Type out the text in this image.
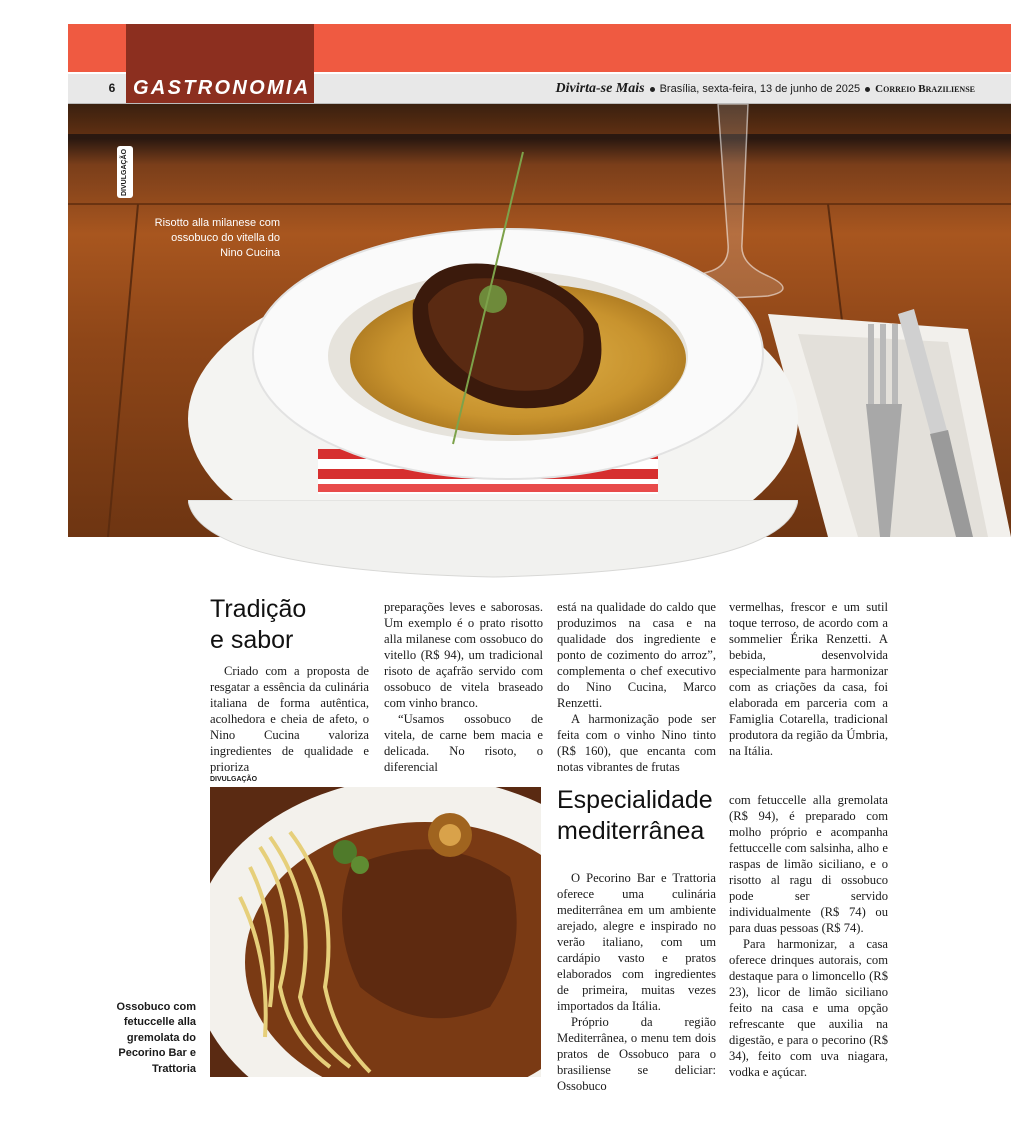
GASTRONOMIA
6	Divirta-se Mais Brasília, sexta-feira, 13 de junho de 2025 Correio Braziliense
DIVULGAÇÃO
Risotto alla milanese com ossobuco do vitella do Nino Cucina
Tradição
e sabor

Criado com a proposta de resgatar a essência da culinária italiana de forma autêntica, acolhedora e cheia de afeto, o Nino Cucina valoriza ingredientes de qualidade e prioriza

preparações leves e saborosas. Um exemplo é o prato risotto alla milanese com ossobuco do vitello (R$ 94), um tradicional risoto de açafrão servido com ossobuco de vitela braseado com vinho branco.

“Usamos ossobuco de vitela, de carne bem macia e delicada. No risoto, o diferencial

está na qualidade do caldo que produzimos na casa e na qualidade dos ingrediente e ponto de cozimento do arroz”, complementa o chef executivo do Nino Cucina, Marco Renzetti.

A harmonização pode ser feita com o vinho Nino tinto (R$ 160), que encanta com notas vibrantes de frutas

vermelhas, frescor e um sutil toque terroso, de acordo com a sommelier Érika Renzetti. A bebida, desenvolvida especialmente para harmonizar com as criações da casa, foi elaborada em parceria com a Famiglia Cotarella, tradicional produtora da região da Úmbria, na Itália.

DIVULGAÇÃO
Ossobuco com fetuccelle alla gremolata do Pecorino Bar e Trattoria
Especialidade
mediterrânea

O Pecorino Bar e Trattoria oferece uma culinária mediterrânea em um ambiente arejado, alegre e inspirado no verão italiano, com um cardápio vasto e pratos elaborados com ingredientes de primeira, muitas vezes importados da Itália.

Próprio da região Mediterrânea, o menu tem dois pratos de Ossobuco para o brasiliense se deliciar: Ossobuco

com fetuccelle alla gremolata (R$ 94), é preparado com molho próprio e acompanha fettuccelle com salsinha, alho e raspas de limão siciliano, e o risotto al ragu di ossobuco pode ser servido individualmente (R$ 74) ou para duas pessoas (R$ 74).

Para harmonizar, a casa oferece drinques autorais, com destaque para o limoncello (R$ 23), licor de limão siciliano feito na casa e uma opção refrescante que auxilia na digestão, e para o pecorino (R$ 34), feito com uva niagara, vodka e açúcar.
